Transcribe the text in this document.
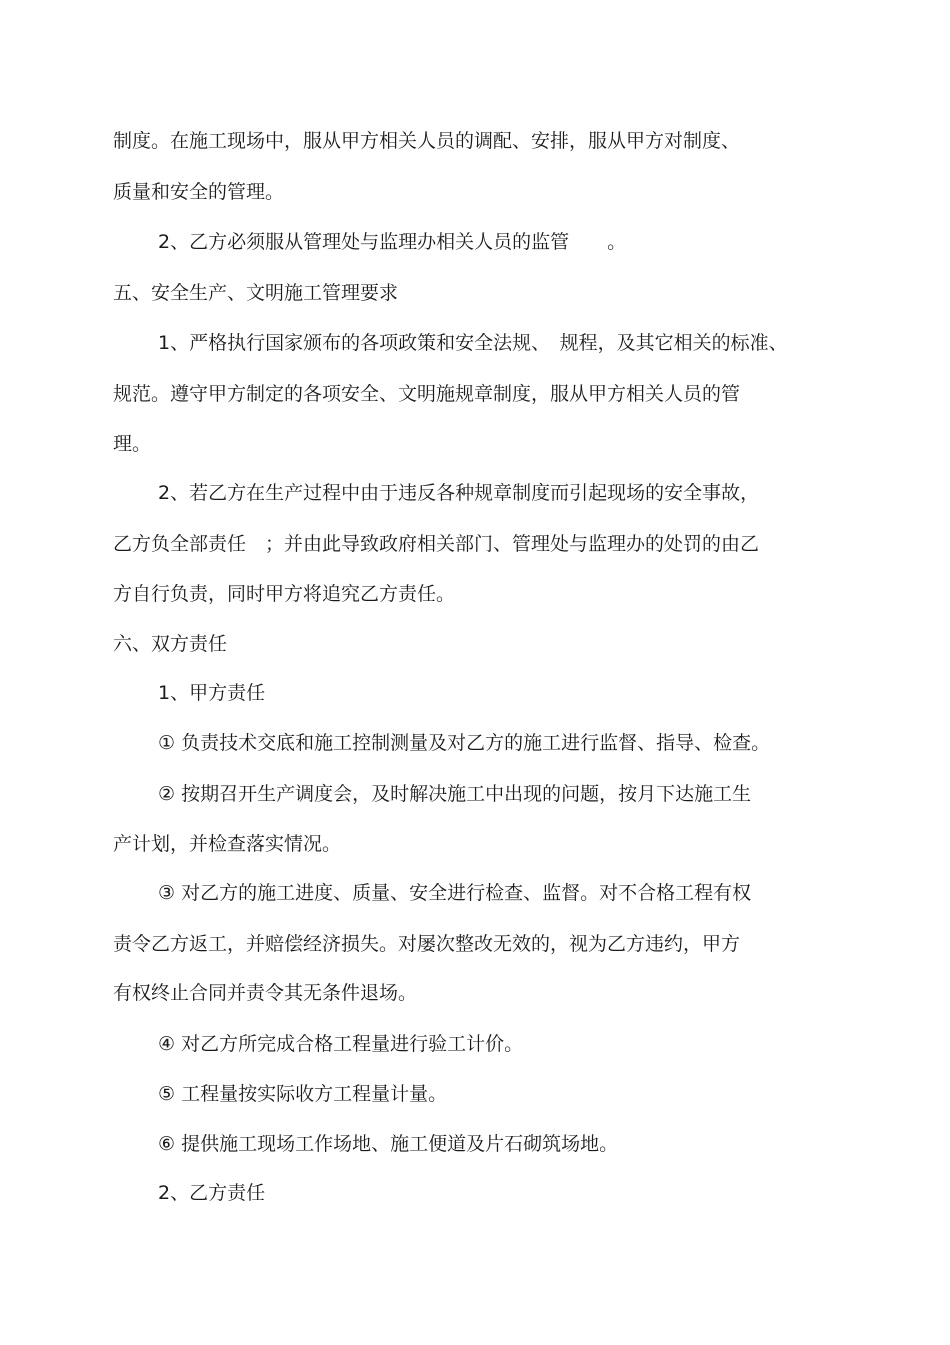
制度。在施工现场中，服从甲方相关人员的调配、安排，服从甲方对制度、
质量和安全的管理。
2、乙方必须服从管理处与监理办相关人员的监管　　。
五、安全生产、文明施工管理要求
1、严格执行国家颁布的各项政策和安全法规、　规程，及其它相关的标准、
规范。遵守甲方制定的各项安全、文明施规章制度，服从甲方相关人员的管
理。
2、若乙方在生产过程中由于违反各种规章制度而引起现场的安全事故，
乙方负全部责任　；并由此导致政府相关部门、管理处与监理办的处罚的由乙
方自行负责，同时甲方将追究乙方责任。
六、双方责任
1、甲方责任
① 负责技术交底和施工控制测量及对乙方的施工进行监督、指导、检查。
② 按期召开生产调度会，及时解决施工中出现的问题，按月下达施工生
产计划，并检查落实情况。
③ 对乙方的施工进度、质量、安全进行检查、监督。对不合格工程有权
责令乙方返工，并赔偿经济损失。对屡次整改无效的，视为乙方违约，甲方
有权终止合同并责令其无条件退场。
④ 对乙方所完成合格工程量进行验工计价。
⑤ 工程量按实际收方工程量计量。
⑥ 提供施工现场工作场地、施工便道及片石砌筑场地。
2、乙方责任
